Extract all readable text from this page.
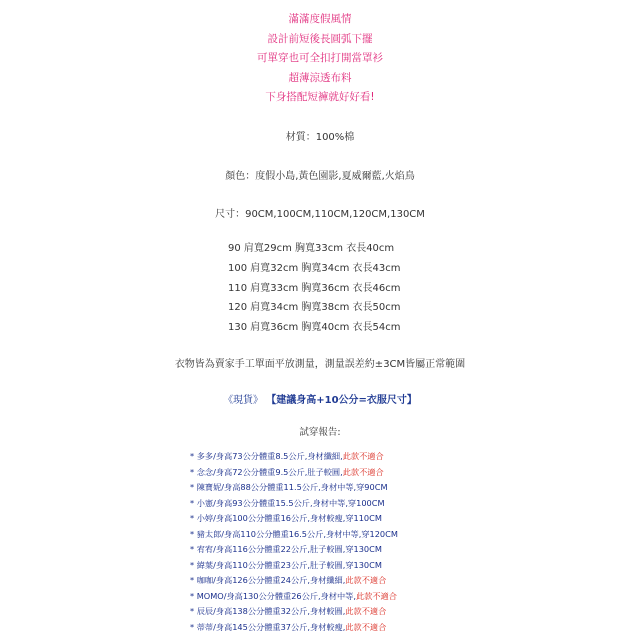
滿滿度假風情
設計前短後長圓弧下擺
可單穿也可全扣打開當罩衫
超薄涼透布料
下身搭配短褲就好好看!
材質：100%棉
顏色：度假小島,黃色園影,夏威爾藍,火焰鳥
尺寸：90CM,100CM,110CM,120CM,130CM
90 肩寬29cm 胸寬33cm 衣長40cm
100 肩寬32cm 胸寬34cm 衣長43cm
110 肩寬33cm 胸寬36cm 衣長46cm
120 肩寬34cm 胸寬38cm 衣長50cm
130 肩寬36cm 胸寬40cm 衣長54cm
衣物皆為賣家手工單面平放測量，測量誤差約±3CM皆屬正常範圍
《現貨》 【建議身高+10公分=衣服尺寸】
試穿報告:
* 多多/身高73公分體重8.5公斤,身材纖細,此款不適合
* 念念/身高72公分體重9.5公斤,肚子較圓,此款不適合
* 陳寶妮/身高88公分體重11.5公斤,身材中等,穿90CM
* 小憲/身高93公分體重15.5公斤,身材中等,穿100CM
* 小婷/身高100公分體重16公斤,身材較瘦,穿110CM
* 豬太郎/身高110公分體重16.5公斤,身材中等,穿120CM
* 宥宥/身高116公分體重22公斤,肚子較圓,穿130CM
* 緯葉/身高110公分體重23公斤,肚子較圓,穿130CM
* 咖咖/身高126公分體重24公斤,身材纖細,此款不適合
* MOMO/身高130公分體重26公斤,身材中等,此款不適合
* 辰辰/身高138公分體重32公斤,身材較圓,此款不適合
* 蒂蒂/身高145公分體重37公斤,身材較瘦,此款不適合
